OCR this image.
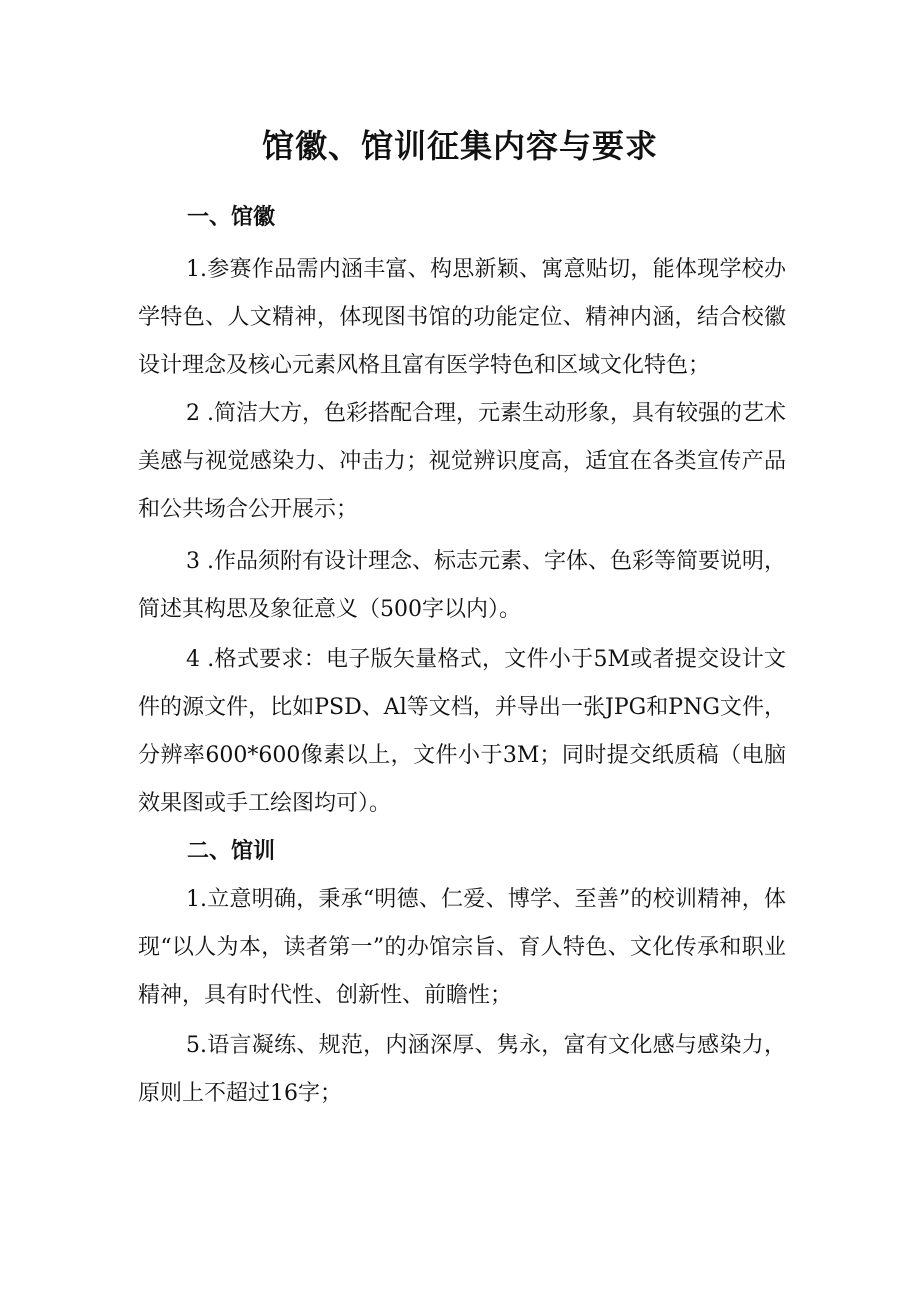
馆徽、馆训征集内容与要求
一、馆徽

1.参赛作品需内涵丰富、构思新颖、寓意贴切，能体现学校办学特色、人文精神，体现图书馆的功能定位、精神内涵，结合校徽设计理念及核心元素风格且富有医学特色和区域文化特色；

2 .简洁大方，色彩搭配合理，元素生动形象，具有较强的艺术美感与视觉感染力、冲击力；视觉辨识度高，适宜在各类宣传产品和公共场合公开展示；

3 .作品须附有设计理念、标志元素、字体、色彩等简要说明，简述其构思及象征意义（500字以内）。

4 .格式要求：电子版矢量格式，文件小于5M或者提交设计文件的源文件，比如PSD、Al等文档，并导出一张JPG和PNG文件，分辨率600*600像素以上，文件小于3M；同时提交纸质稿（电脑效果图或手工绘图均可）。

二、馆训

1.立意明确，秉承“明德、仁爱、博学、至善”的校训精神，体现“以人为本，读者第一”的办馆宗旨、育人特色、文化传承和职业精神，具有时代性、创新性、前瞻性；

5.语言凝练、规范，内涵深厚、隽永，富有文化感与感染力，原则上不超过16字；
